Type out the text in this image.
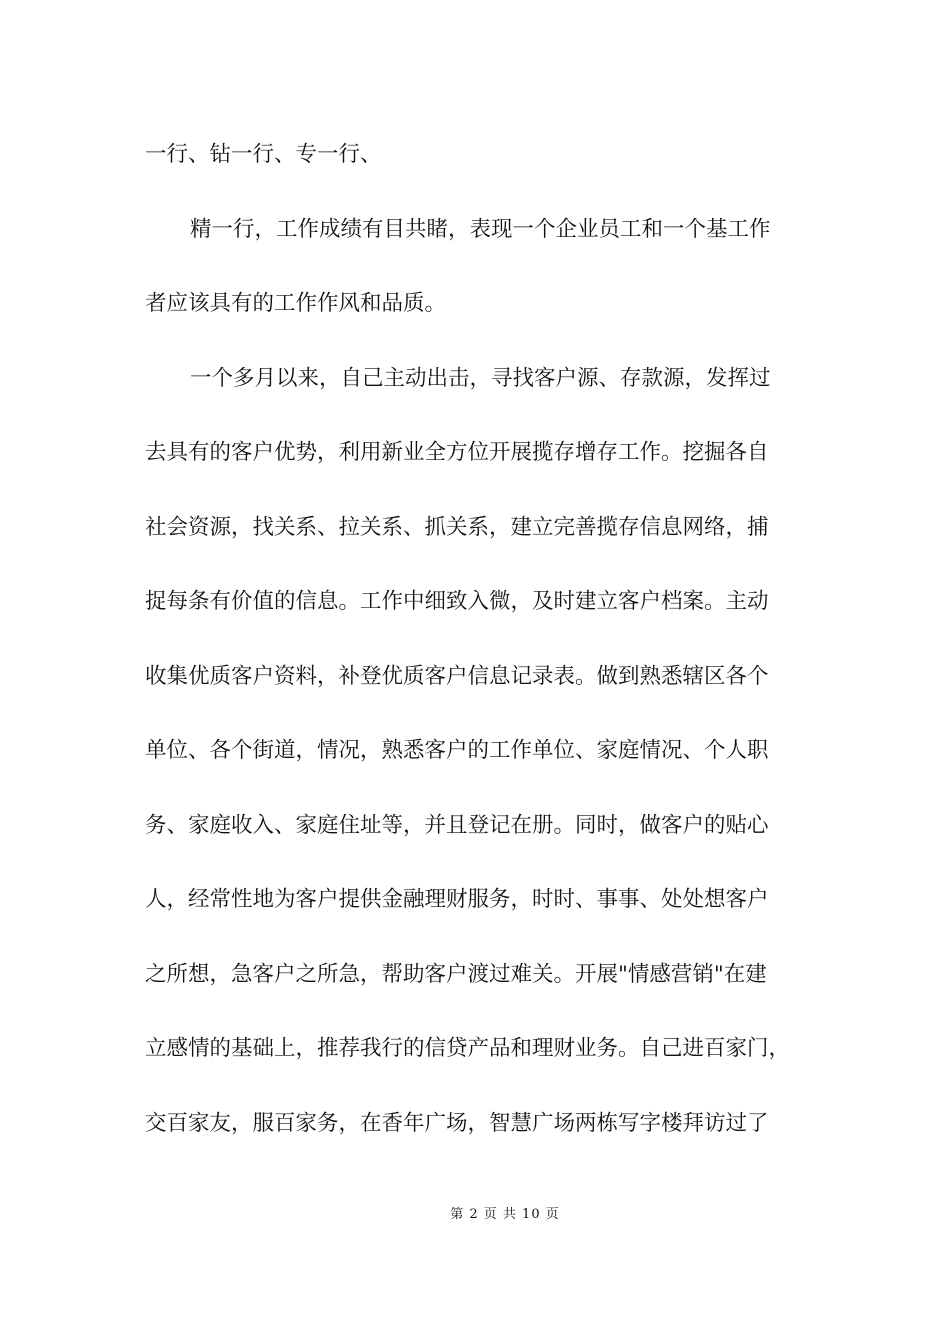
一行、钻一行、专一行、
精一行，工作成绩有目共睹，表现一个企业员工和一个基工作
者应该具有的工作作风和品质。
一个多月以来，自己主动出击，寻找客户源、存款源，发挥过
去具有的客户优势，利用新业全方位开展揽存增存工作。挖掘各自
社会资源，找关系、拉关系、抓关系，建立完善揽存信息网络，捕
捉每条有价值的信息。工作中细致入微，及时建立客户档案。主动
收集优质客户资料，补登优质客户信息记录表。做到熟悉辖区各个
单位、各个街道，情况，熟悉客户的工作单位、家庭情况、个人职
务、家庭收入、家庭住址等，并且登记在册。同时，做客户的贴心
人，经常性地为客户提供金融理财服务，时时、事事、处处想客户
之所想，急客户之所急，帮助客户渡过难关。开展"情感营销"在建
立感情的基础上，推荐我行的信贷产品和理财业务。自己进百家门，
交百家友，服百家务，在香年广场，智慧广场两栋写字楼拜访过了
第 2 页 共 10 页
